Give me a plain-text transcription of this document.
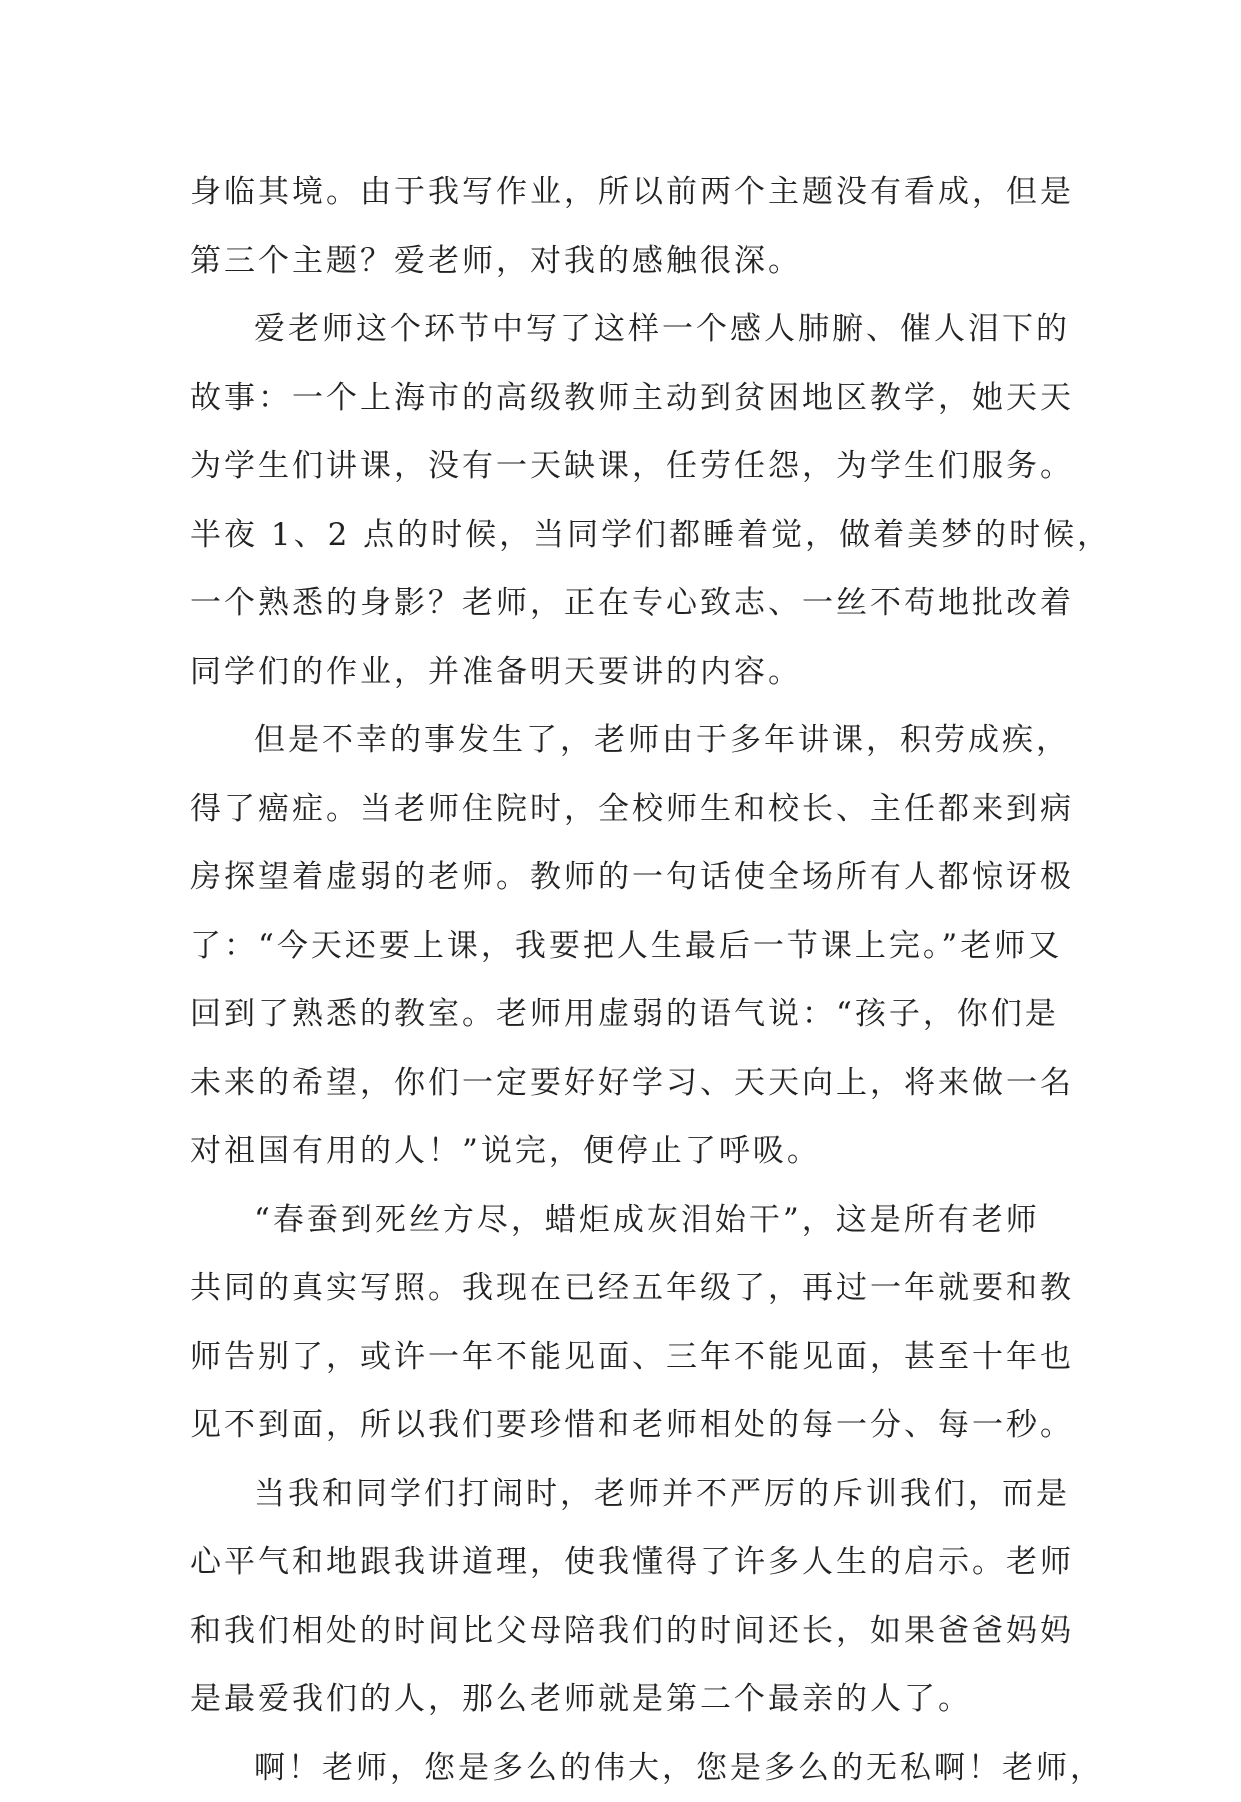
身临其境。由于我写作业，所以前两个主题没有看成，但是
第三个主题？爱老师，对我的感触很深。
爱老师这个环节中写了这样一个感人肺腑、催人泪下的
故事：一个上海市的高级教师主动到贫困地区教学，她天天
为学生们讲课，没有一天缺课，任劳任怨，为学生们服务。
半夜 1、2 点的时候，当同学们都睡着觉，做着美梦的时候，
一个熟悉的身影？老师，正在专心致志、一丝不苟地批改着
同学们的作业，并准备明天要讲的内容。
但是不幸的事发生了，老师由于多年讲课，积劳成疾，
得了癌症。当老师住院时，全校师生和校长、主任都来到病
房探望着虚弱的老师。教师的一句话使全场所有人都惊讶极
了：“今天还要上课，我要把人生最后一节课上完。”老师又
回到了熟悉的教室。老师用虚弱的语气说：“孩子，你们是
未来的希望，你们一定要好好学习、天天向上，将来做一名
对祖国有用的人！”说完，便停止了呼吸。
“春蚕到死丝方尽，蜡炬成灰泪始干”，这是所有老师
共同的真实写照。我现在已经五年级了，再过一年就要和教
师告别了，或许一年不能见面、三年不能见面，甚至十年也
见不到面，所以我们要珍惜和老师相处的每一分、每一秒。
当我和同学们打闹时，老师并不严厉的斥训我们，而是
心平气和地跟我讲道理，使我懂得了许多人生的启示。老师
和我们相处的时间比父母陪我们的时间还长，如果爸爸妈妈
是最爱我们的人，那么老师就是第二个最亲的人了。
啊！老师，您是多么的伟大，您是多么的无私啊！老师，
